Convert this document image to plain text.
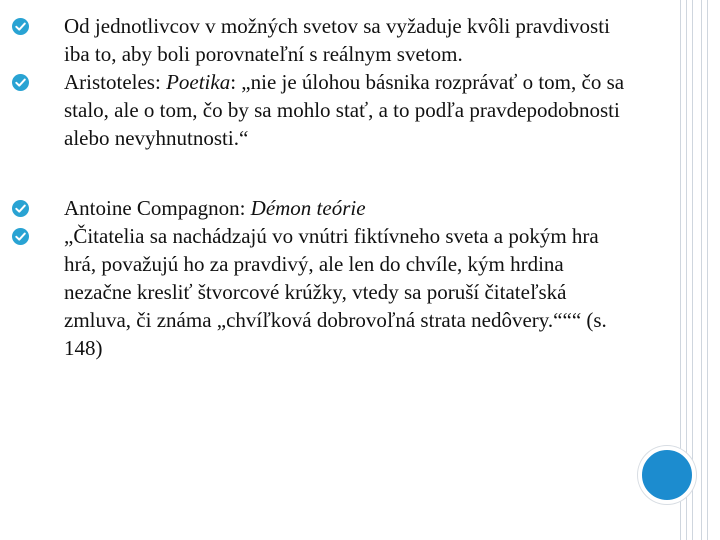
Od jednotlivcov v možných svetov sa vyžaduje kvôli pravdivosti iba to, aby boli porovnateľní s reálnym svetom.
Aristoteles: Poetika: „nie je úlohou básnika rozprávať o tom, čo sa stalo, ale o tom, čo by sa mohlo stať, a to podľa pravdepodobnosti alebo nevyhnutnosti.“
Antoine Compagnon: Démon teórie
„Čitatelia sa nachádzajú vo vnútri fiktívneho sveta a pokým hra hrá, považujú ho za pravdivý, ale len do chvíle, kým hrdina nezačne kresliť štvorcové krúžky, vtedy sa poruší čitateľská zmluva, či známa „chvíľková dobrovoľná strata nedôvery.“““ (s. 148)
